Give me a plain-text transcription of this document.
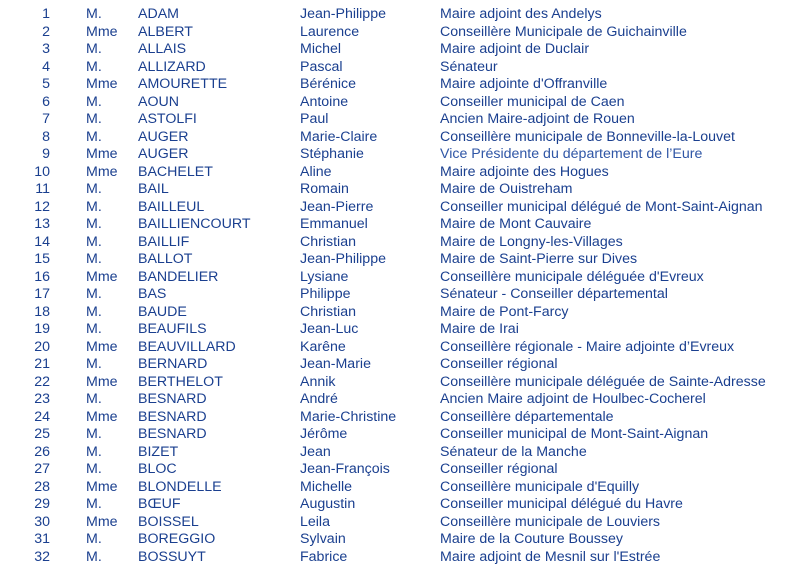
1	M.	ADAM	Jean-Philippe	Maire adjoint des Andelys
2	Mme ALBERT	Laurence	Conseillère Municipale de Guichainville
3	M.	ALLAIS	Michel	Maire adjoint de Duclair
4	M.	ALLIZARD	Pascal	Sénateur
5	Mme AMOURETTE	Bérénice	Maire adjointe d'Offranville
6	M.	AOUN	Antoine	Conseiller municipal de Caen
7	M.	ASTOLFI	Paul	Ancien Maire-adjoint de Rouen
8	M.	AUGER	Marie-Claire	Conseillère municipale de Bonneville-la-Louvet
9	Mme AUGER	Stéphanie	Vice Présidente du département de l’Eure
10	Mme BACHELET	Aline	Maire adjointe des Hogues
11	M.	BAIL	Romain	Maire de Ouistreham
12	M.	BAILLEUL	Jean-Pierre	Conseiller municipal délégué de Mont-Saint-Aignan
13	M.	BAILLIENCOURT	Emmanuel	Maire de Mont Cauvaire
14	M.	BAILLIF	Christian	Maire de Longny-les-Villages
15	M.	BALLOT	Jean-Philippe	Maire de Saint-Pierre sur Dives
16	Mme BANDELIER	Lysiane	Conseillère municipale déléguée d'Evreux
17	M.	BAS	Philippe	Sénateur - Conseiller départemental
18	M.	BAUDE	Christian	Maire de Pont-Farcy
19	M.	BEAUFILS	Jean-Luc	Maire de Irai
20	Mme BEAUVILLARD	Karêne	Conseillère régionale - Maire adjointe d’Evreux
21	M.	BERNARD	Jean-Marie	Conseiller régional
22	Mme BERTHELOT	Annik	Conseillère municipale déléguée de Sainte-Adresse
23	M.	BESNARD	André	Ancien Maire adjoint de Houlbec-Cocherel
24	Mme BESNARD	Marie-Christine	Conseillère départementale
25	M.	BESNARD	Jérôme	Conseiller municipal de Mont-Saint-Aignan
26	M.	BIZET	Jean	Sénateur de la Manche
27	M.	BLOC	Jean-François	Conseiller régional
28	Mme BLONDELLE	Michelle	Conseillère municipale d'Equilly
29	M.	BŒUF	Augustin	Conseiller municipal délégué du Havre
30	Mme BOISSEL	Leila	Conseillère municipale de Louviers
31	M.	BOREGGIO	Sylvain	Maire de la Couture Boussey
32	M.	BOSSUYT	Fabrice	Maire adjoint de Mesnil sur l'Estrée
